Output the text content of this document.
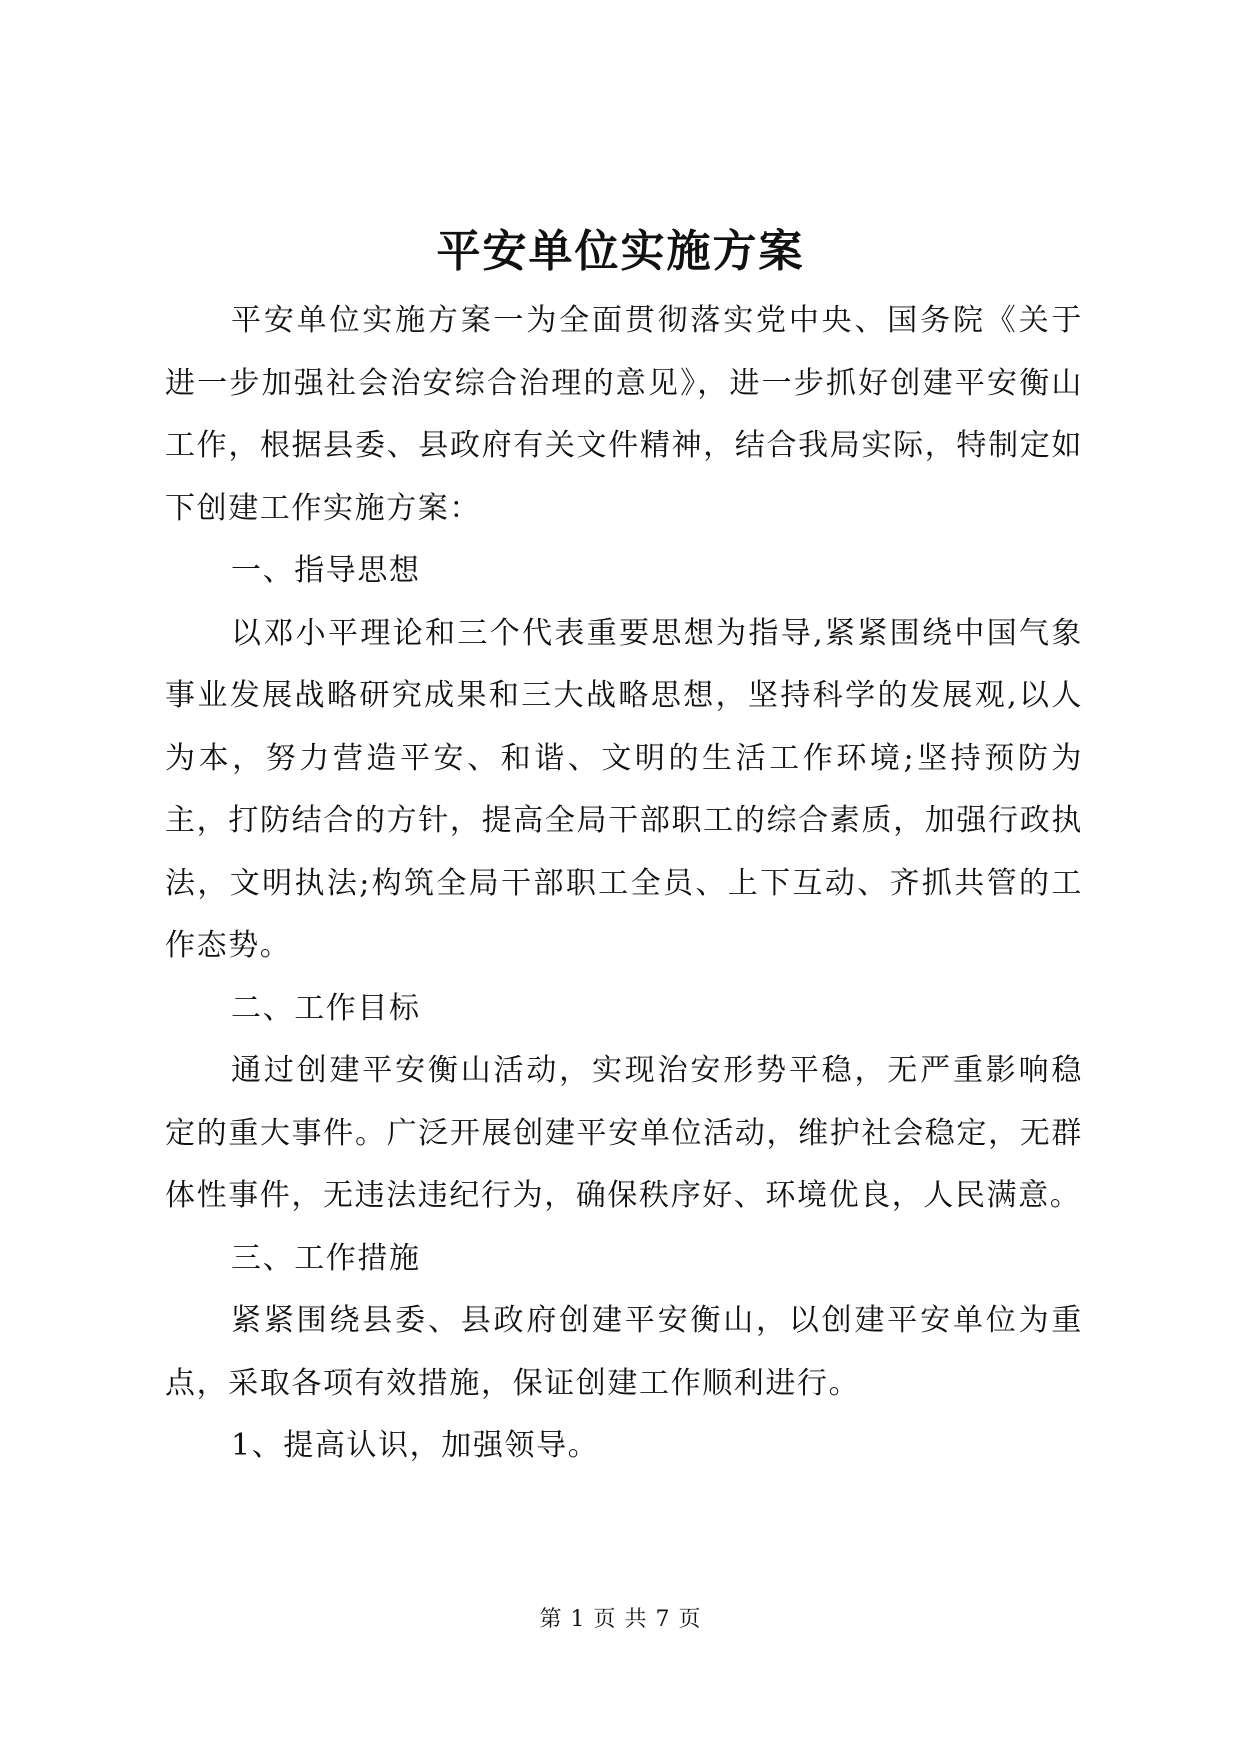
平安单位实施方案

平安单位实施方案一为全面贯彻落实党中央、国务院《关于进一步加强社会治安综合治理的意见》，进一步抓好创建平安衡山工作，根据县委、县政府有关文件精神，结合我局实际，特制定如下创建工作实施方案：

一、指导思想

以邓小平理论和三个代表重要思想为指导,紧紧围绕中国气象事业发展战略研究成果和三大战略思想，坚持科学的发展观,以人为本，努力营造平安、和谐、文明的生活工作环境;坚持预防为主，打防结合的方针，提高全局干部职工的综合素质，加强行政执法，文明执法;构筑全局干部职工全员、上下互动、齐抓共管的工作态势。

二、工作目标

通过创建平安衡山活动，实现治安形势平稳，无严重影响稳定的重大事件。广泛开展创建平安单位活动，维护社会稳定，无群体性事件，无违法违纪行为，确保秩序好、环境优良，人民满意。

三、工作措施

紧紧围绕县委、县政府创建平安衡山，以创建平安单位为重点，采取各项有效措施，保证创建工作顺利进行。

1、提高认识，加强领导。

第 1 页 共 7 页
